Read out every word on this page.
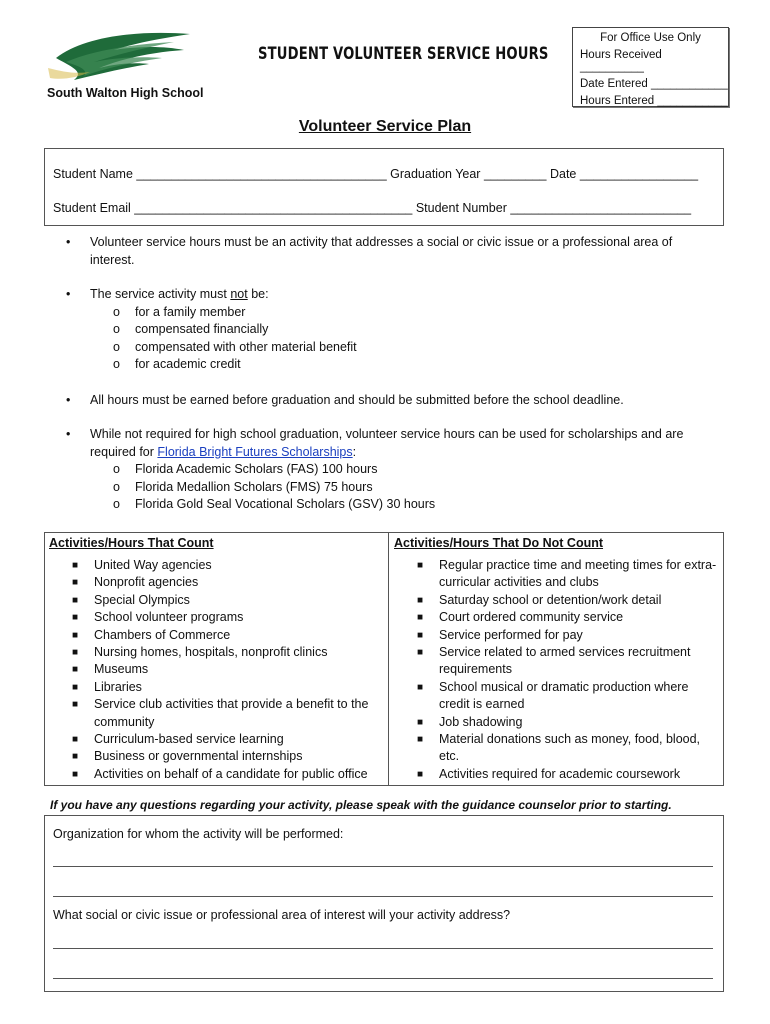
South Walton High School
STUDENT VOLUNTEER SERVICE HOURS
For Office Use Only
Hours Received __________
Date Entered ____________
Hours Entered ___________
Volunteer Service Plan
Student Name ____________________________________ Graduation Year _________ Date _________________
Student Email ________________________________________ Student Number __________________________
• Volunteer service hours must be an activity that addresses a social or civic issue or a professional area of interest.
• The service activity must not be:
o for a family member
o compensated financially
o compensated with other material benefit
o for academic credit
• All hours must be earned before graduation and should be submitted before the school deadline.
• While not required for high school graduation, volunteer service hours can be used for scholarships and are required for Florida Bright Futures Scholarships:
o Florida Academic Scholars (FAS) 100 hours
o Florida Medallion Scholars (FMS) 75 hours
o Florida Gold Seal Vocational Scholars (GSV) 30 hours
Activities/Hours That Count
■ United Way agencies
■ Nonprofit agencies
■ Special Olympics
■ School volunteer programs
■ Chambers of Commerce
■ Nursing homes, hospitals, nonprofit clinics
■ Museums
■ Libraries
■ Service club activities that provide a benefit to the community
■ Curriculum-based service learning
■ Business or governmental internships
■ Activities on behalf of a candidate for public office
Activities/Hours That Do Not Count
■ Regular practice time and meeting times for extra-curricular activities and clubs
■ Saturday school or detention/work detail
■ Court ordered community service
■ Service performed for pay
■ Service related to armed services recruitment requirements
■ School musical or dramatic production where credit is earned
■ Job shadowing
■ Material donations such as money, food, blood, etc.
■ Activities required for academic coursework
If you have any questions regarding your activity, please speak with the guidance counselor prior to starting.
Organization for whom the activity will be performed:
What social or civic issue or professional area of interest will your activity address?
